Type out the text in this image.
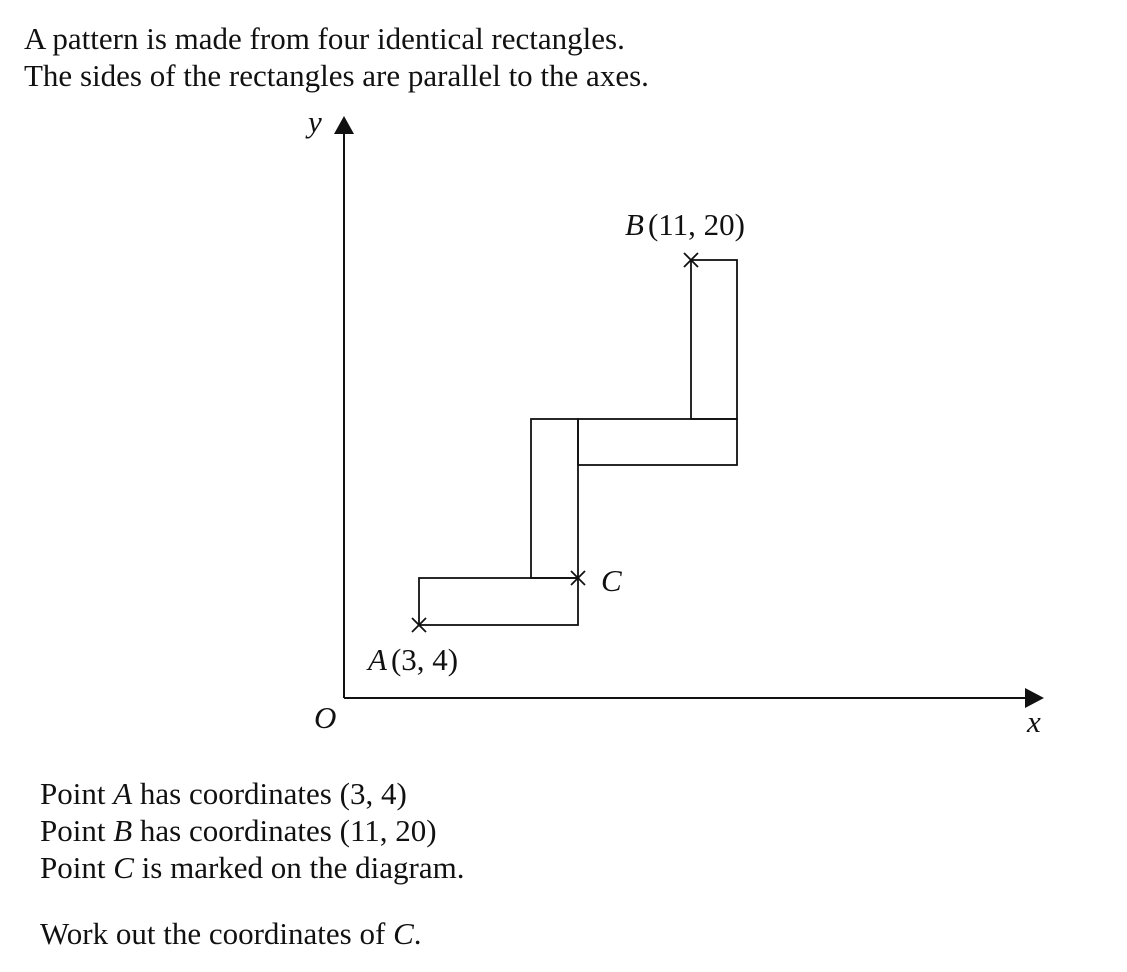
A pattern is made from four identical rectangles.

The sides of the rectangles are parallel to the axes.

y
x
O
A (3, 4)
B (11, 20)
C

Point A has coordinates (3, 4)

Point B has coordinates (11, 20)

Point C is marked on the diagram.

Work out the coordinates of C.
